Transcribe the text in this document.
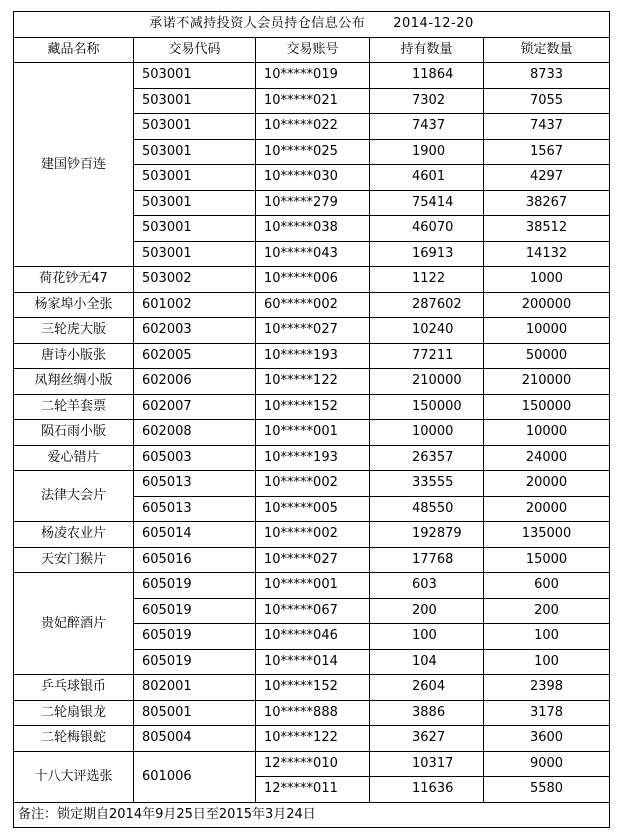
承诺不减持投资人会员持仓信息公布 2014-12-20				
藏品名称	交易代码	交易账号	持有数量	锁定数量
建国钞百连	503001	10*****019	11864	8733
	503001	10*****021	7302	7055
	503001	10*****022	7437	7437
	503001	10*****025	1900	1567
	503001	10*****030	4601	4297
	503001	10*****279	75414	38267
	503001	10*****038	46070	38512
	503001	10*****043	16913	14132
荷花钞无47	503002	10*****006	1122	1000
杨家埠小全张	601002	60*****002	287602	200000
三轮虎大版	602003	10*****027	10240	10000
唐诗小版张	602005	10*****193	77211	50000
凤翔丝绸小版	602006	10*****122	210000	210000
二轮羊套票	602007	10*****152	150000	150000
陨石雨小版	602008	10*****001	10000	10000
爱心错片	605003	10*****193	26357	24000
法律大会片	605013	10*****002	33555	20000
	605013	10*****005	48550	20000
杨凌农业片	605014	10*****002	192879	135000
天安门猴片	605016	10*****027	17768	15000
贵妃醉酒片	605019	10*****001	603	600
	605019	10*****067	200	200
	605019	10*****046	100	100
	605019	10*****014	104	100
乒乓球银币	802001	10*****152	2604	2398
二轮扇银龙	805001	10*****888	3886	3178
二轮梅银蛇	805004	10*****122	3627	3600
十八大评选张	601006	12*****010	10317	9000
		12*****011	11636	5580
备注：锁定期自2014年9月25日至2015年3月24日				
